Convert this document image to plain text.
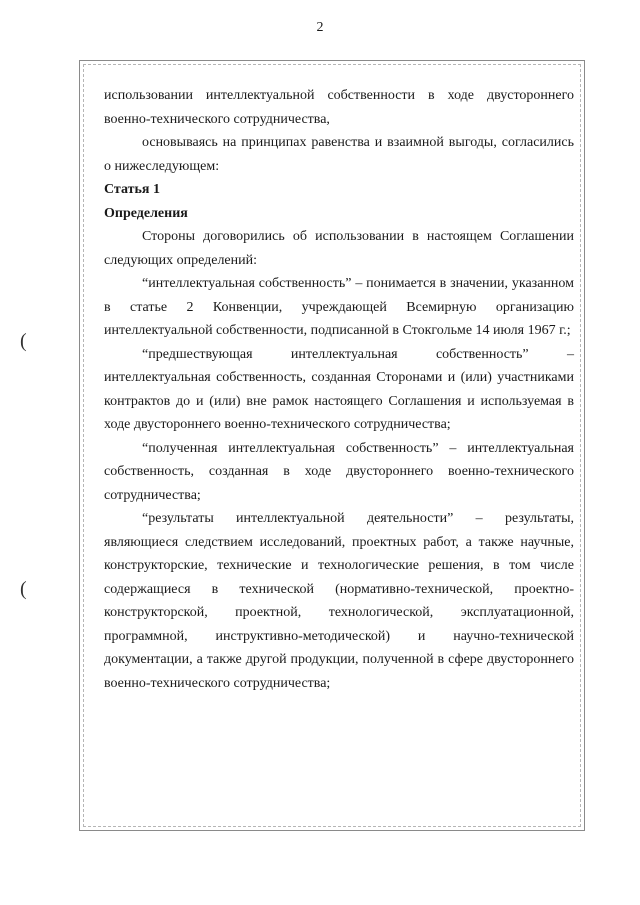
2
(
(

использовании интеллектуальной собственности в ходе двустороннего военно-технического сотрудничества,

основываясь на принципах равенства и взаимной выгоды, согласились о нижеследующем:

Статья 1

Определения

Стороны договорились об использовании в настоящем Соглашении следующих определений:

“интеллектуальная собственность” – понимается в значении, указанном в статье 2 Конвенции, учреждающей Всемирную организацию интеллектуальной собственности, подписанной в Стокгольме 14 июля 1967 г.;

“предшествующая интеллектуальная собственность” – интеллектуальная собственность, созданная Сторонами и (или) участниками контрактов до и (или) вне рамок настоящего Соглашения и используемая в ходе двустороннего военно-технического сотрудничества;

“полученная интеллектуальная собственность” – интеллектуальная собственность, созданная в ходе двустороннего военно-технического сотрудничества;

“результаты интеллектуальной деятельности” – результаты, являющиеся следствием исследований, проектных работ, а также научные, конструкторские, технические и технологические решения, в том числе содержащиеся в технической (нормативно-технической, проектно-конструкторской, проектной, технологической, эксплуатационной, программной, инструктивно-методической) и научно-технической документации, а также другой продукции, полученной в сфере двустороннего военно-технического сотрудничества;
